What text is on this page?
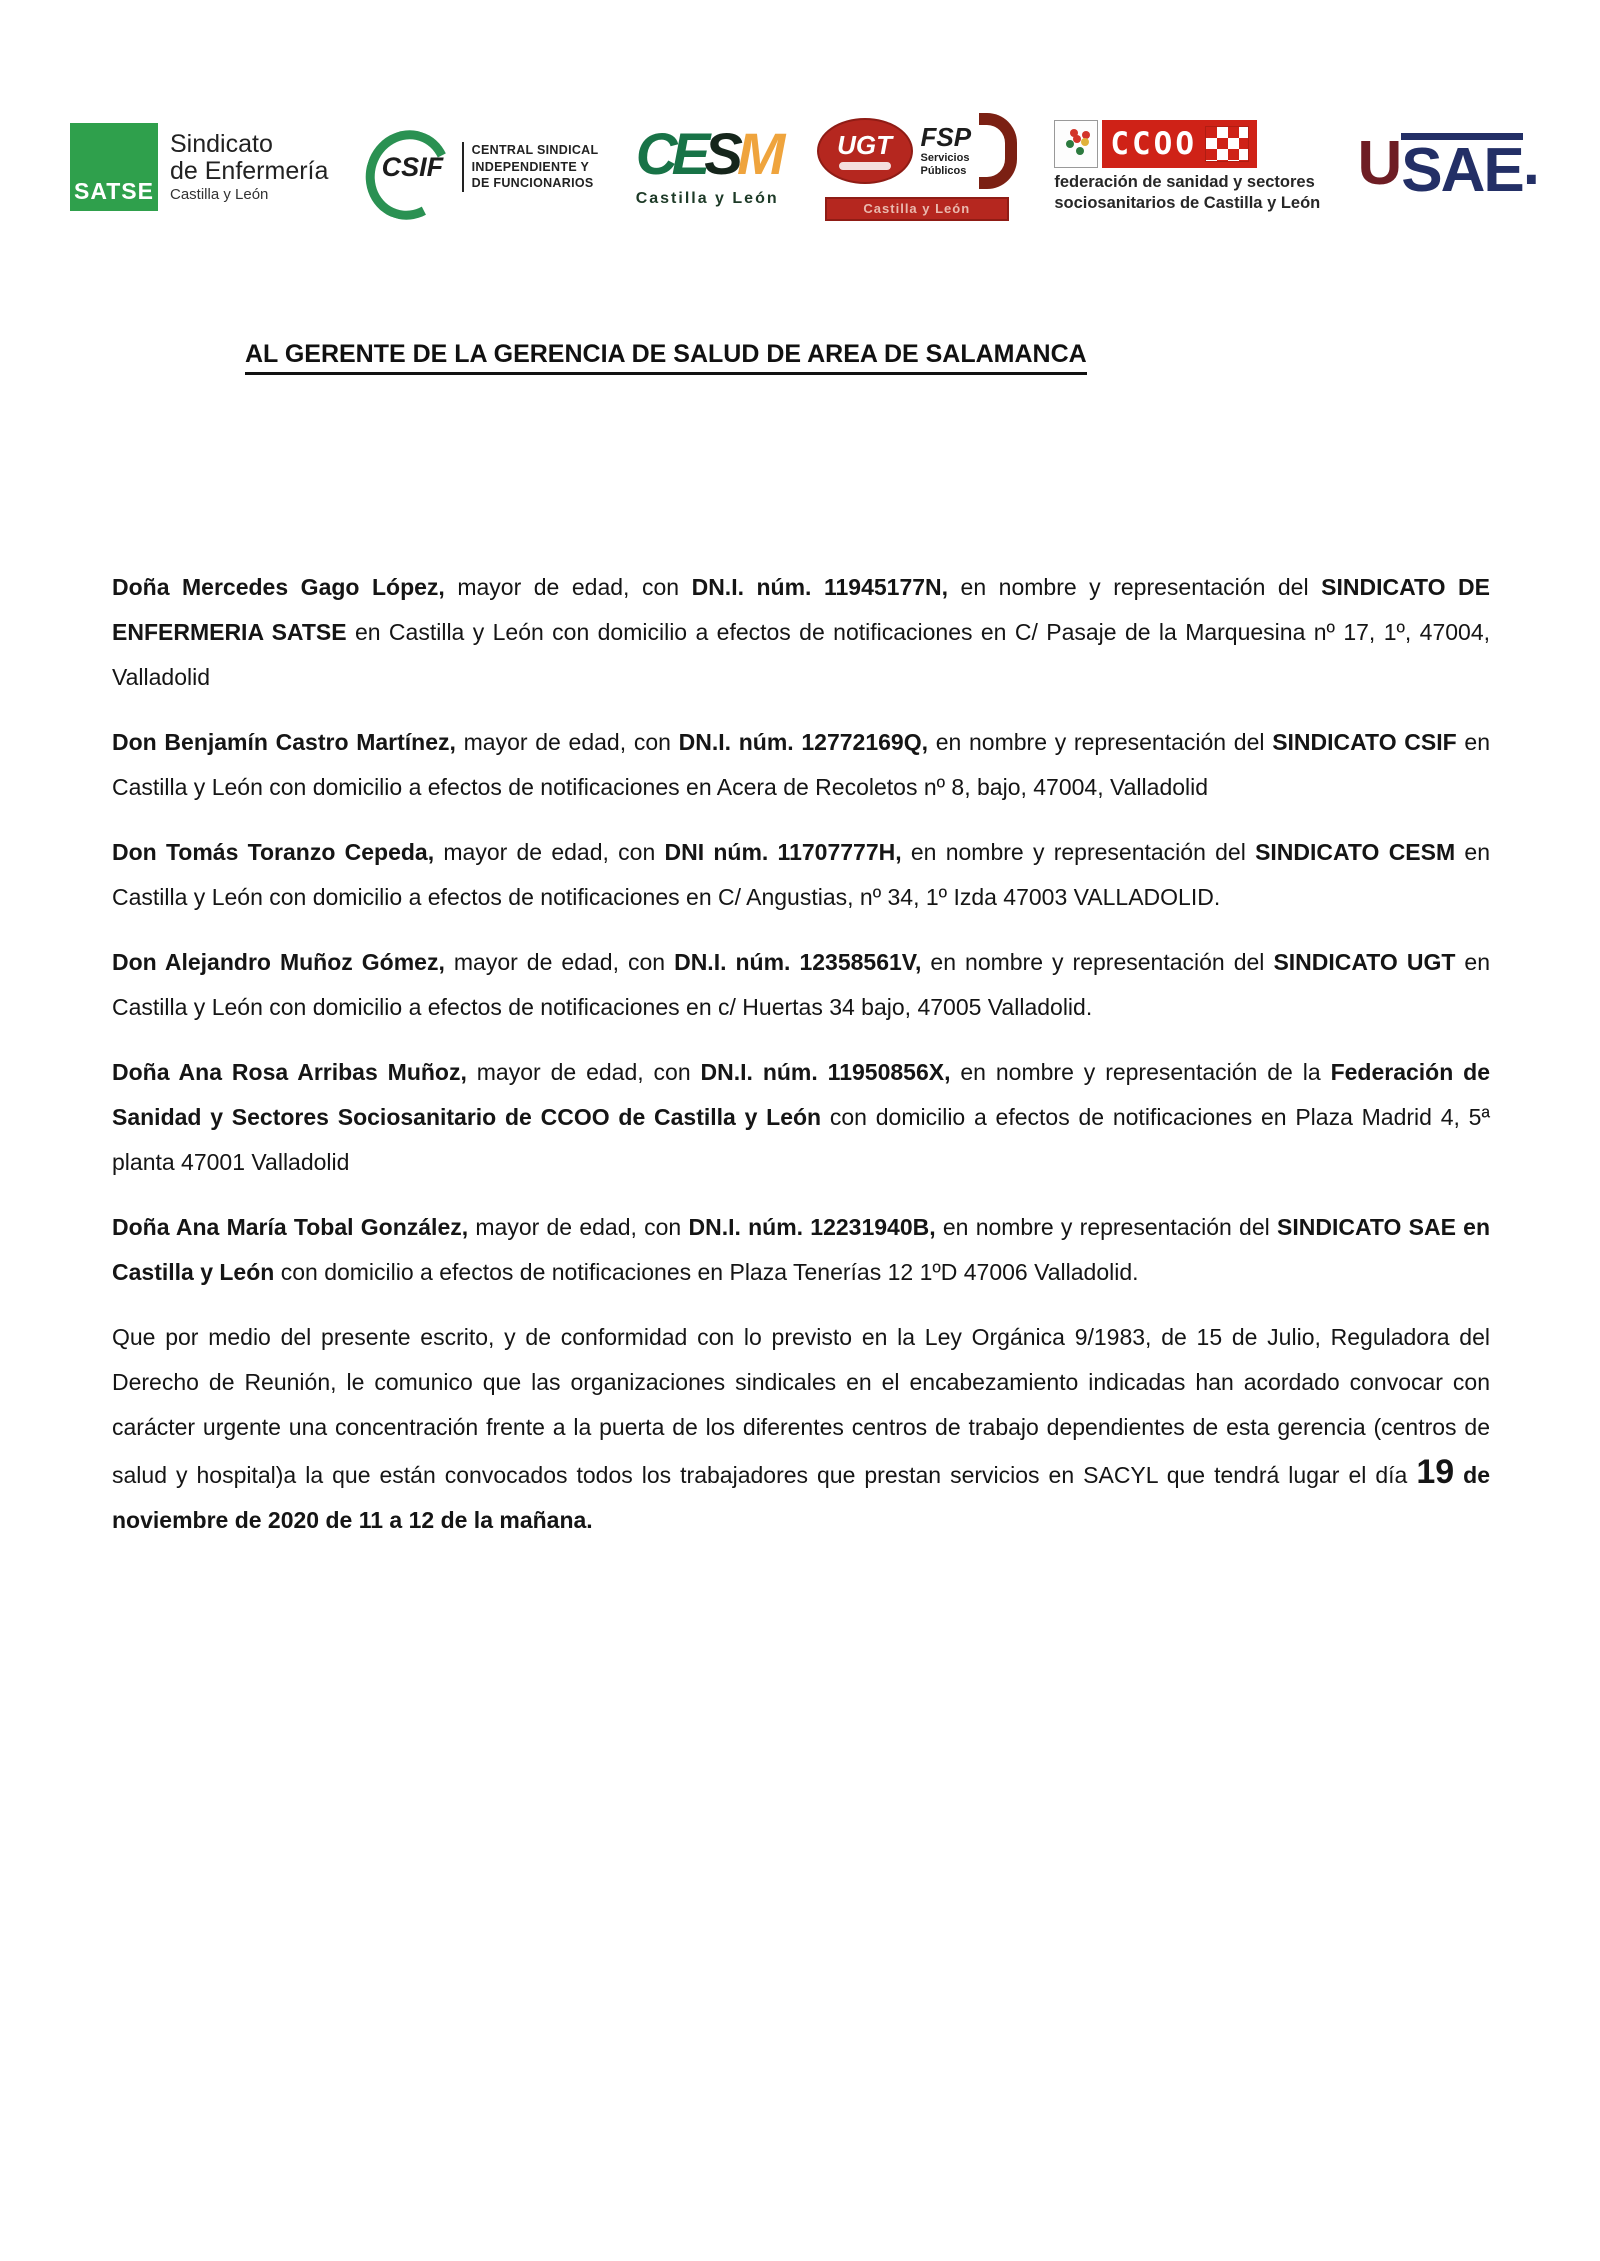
SATSE
Sindicato
de Enfermería
Castilla y León
CSIF
CENTRAL SINDICAL
INDEPENDIENTE Y
DE FUNCIONARIOS CESM
Castilla y León
UGT FSP
Servicios
Públicos
Castilla y León
CCOO
federación de sanidad y sectores
sociosanitarios de Castilla y León
U SAE .
AL GERENTE DE LA GERENCIA DE SALUD DE AREA DE SALAMANCA

Doña Mercedes Gago López, mayor de edad, con DN.I. núm. 11945177N, en nombre y representación del SINDICATO DE ENFERMERIA SATSE en Castilla y León con domicilio a efectos de notificaciones en C/ Pasaje de la Marquesina nº 17, 1º, 47004, Valladolid

Don Benjamín Castro Martínez, mayor de edad, con DN.I. núm. 12772169Q, en nombre y representación del SINDICATO CSIF en Castilla y León con domicilio a efectos de notificaciones en Acera de Recoletos nº 8, bajo, 47004, Valladolid

Don Tomás Toranzo Cepeda, mayor de edad, con DNI núm. 11707777H, en nombre y representación del SINDICATO CESM en Castilla y León con domicilio a efectos de notificaciones en C/ Angustias, nº 34, 1º Izda 47003 VALLADOLID.

Don Alejandro Muñoz Gómez, mayor de edad, con DN.I. núm. 12358561V, en nombre y representación del SINDICATO UGT en Castilla y León con domicilio a efectos de notificaciones en c/ Huertas 34 bajo, 47005 Valladolid.

Doña Ana Rosa Arribas Muñoz, mayor de edad, con DN.I. núm. 11950856X, en nombre y representación de la Federación de Sanidad y Sectores Sociosanitario de CCOO de Castilla y León con domicilio a efectos de notificaciones en Plaza Madrid 4, 5ª planta 47001 Valladolid

Doña Ana María Tobal González, mayor de edad, con DN.I. núm. 12231940B, en nombre y representación del SINDICATO SAE en Castilla y León con domicilio a efectos de notificaciones en Plaza Tenerías 12 1ºD 47006 Valladolid.

Que por medio del presente escrito, y de conformidad con lo previsto en la Ley Orgánica 9/1983, de 15 de Julio, Reguladora del Derecho de Reunión, le comunico que las organizaciones sindicales en el encabezamiento indicadas han acordado convocar con carácter urgente una concentración frente a la puerta de los diferentes centros de trabajo dependientes de esta gerencia (centros de salud y hospital)a la que están convocados todos los trabajadores que prestan servicios en SACYL que tendrá lugar el día 19 de noviembre de 2020 de 11 a 12 de la mañana.
